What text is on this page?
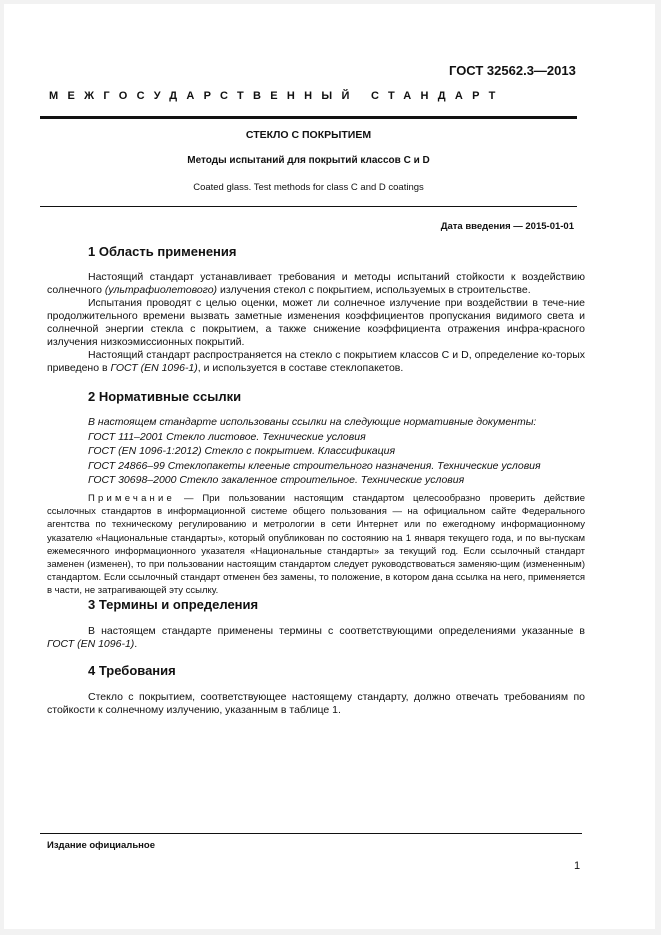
ГОСТ 32562.3—2013
МЕЖГОСУДАРСТВЕННЫЙ СТАНДАРТ
СТЕКЛО С ПОКРЫТИЕМ
Методы испытаний для покрытий классов С и D
Coated glass. Test methods for class C and D coatings
Дата введения — 2015-01-01
1 Область применения

Настоящий стандарт устанавливает требования и методы испытаний стойкости к воздействию солнечного (ультрафиолетового) излучения стекол с покрытием, используемых в строительстве.

Испытания проводят с целью оценки, может ли солнечное излучение при воздействии в тече-ние продолжительного времени вызвать заметные изменения коэффициентов пропускания видимого света и солнечной энергии стекла с покрытием, а также снижение коэффициента отражения инфра-красного излучения низкоэмиссионных покрытий.

Настоящий стандарт распространяется на стекло с покрытием классов С и D, определение ко-торых приведено в ГОСТ (EN 1096-1), и используется в составе стеклопакетов.

2 Нормативные ссылки
В настоящем стандарте использованы ссылки на следующие нормативные документы:
ГОСТ 111–2001 Стекло листовое. Технические условия
ГОСТ (EN 1096-1:2012) Стекло с покрытием. Классификация
ГОСТ 24866–99 Стеклопакеты клееные строительного назначения. Технические условия
ГОСТ 30698–2000 Стекло закаленное строительное. Технические условия

Примечание — При пользовании настоящим стандартом целесообразно проверить действие ссылочных стандартов в информационной системе общего пользования — на официальном сайте Федерального агентства по техническому регулированию и метрологии в сети Интернет или по ежегодному информационному указателю «Национальные стандарты», который опубликован по состоянию на 1 января текущего года, и по вы-пускам ежемесячного информационного указателя «Национальные стандарты» за текущий год. Если ссылочный стандарт заменен (изменен), то при пользовании настоящим стандартом следует руководствоваться заменяю-щим (измененным) стандартом. Если ссылочный стандарт отменен без замены, то положение, в котором дана ссылка на него, применяется в части, не затрагивающей эту ссылку.

3 Термины и определения

В настоящем стандарте применены термины с соответствующими определениями указанные в ГОСТ (EN 1096-1).

4 Требования

Стекло с покрытием, соответствующее настоящему стандарту, должно отвечать требованиям по стойкости к солнечному излучению, указанным в таблице 1.

Издание официальное
1
